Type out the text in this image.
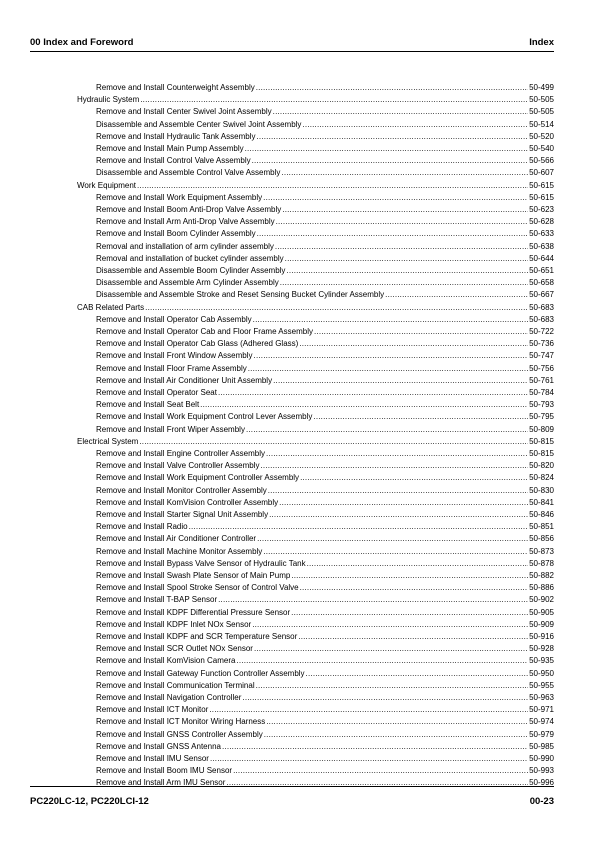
00 Index and Foreword	Index
Remove and Install Counterweight Assembly .....	50-499
Hydraulic System .....	50-505
Remove and Install Center Swivel Joint Assembly .....	50-505
Disassemble and Assemble Center Swivel Joint Assembly .....	50-514
Remove and Install Hydraulic Tank Assembly .....	50-520
Remove and Install Main Pump Assembly .....	50-540
Remove and Install Control Valve Assembly .....	50-566
Disassemble and Assemble Control Valve Assembly .....	50-607
Work Equipment .....	50-615
Remove and Install Work Equipment Assembly .....	50-615
Remove and Install Boom Anti-Drop Valve Assembly .....	50-623
Remove and Install Arm Anti-Drop Valve Assembly .....	50-628
Remove and Install Boom Cylinder Assembly .....	50-633
Removal and installation of arm cylinder assembly .....	50-638
Removal and installation of bucket cylinder assembly .....	50-644
Disassemble and Assemble Boom Cylinder Assembly .....	50-651
Disassemble and Assemble Arm Cylinder Assembly .....	50-658
Disassemble and Assemble Stroke and Reset Sensing Bucket Cylinder Assembly .....	50-667
CAB Related Parts .....	50-683
Remove and Install Operator Cab Assembly .....	50-683
Remove and Install Operator Cab and Floor Frame Assembly .....	50-722
Remove and Install Operator Cab Glass (Adhered Glass) .....	50-736
Remove and Install Front Window Assembly .....	50-747
Remove and Install Floor Frame Assembly .....	50-756
Remove and Install Air Conditioner Unit Assembly .....	50-761
Remove and Install Operator Seat .....	50-784
Remove and Install Seat Belt .....	50-793
Remove and Install Work Equipment Control Lever Assembly .....	50-795
Remove and Install Front Wiper Assembly .....	50-809
Electrical System .....	50-815
Remove and Install Engine Controller Assembly .....	50-815
Remove and Install Valve Controller Assembly .....	50-820
Remove and Install Work Equipment Controller Assembly .....	50-824
Remove and Install Monitor Controller Assembly .....	50-830
Remove and Install KomVision Controller Assembly .....	50-841
Remove and Install Starter Signal Unit Assembly .....	50-846
Remove and Install Radio .....	50-851
Remove and Install Air Conditioner Controller .....	50-856
Remove and Install Machine Monitor Assembly .....	50-873
Remove and Install Bypass Valve Sensor of Hydraulic Tank .....	50-878
Remove and Install Swash Plate Sensor of Main Pump .....	50-882
Remove and Install Spool Stroke Sensor of Control Valve .....	50-886
Remove and Install T-BAP Sensor .....	50-902
Remove and Install KDPF Differential Pressure Sensor .....	50-905
Remove and Install KDPF Inlet NOx Sensor .....	50-909
Remove and Install KDPF and SCR Temperature Sensor .....	50-916
Remove and Install SCR Outlet NOx Sensor .....	50-928
Remove and Install KomVision Camera .....	50-935
Remove and Install Gateway Function Controller Assembly .....	50-950
Remove and Install Communication Terminal .....	50-955
Remove and Install Navigation Controller .....	50-963
Remove and Install ICT Monitor .....	50-971
Remove and Install ICT Monitor Wiring Harness .....	50-974
Remove and Install GNSS Controller Assembly .....	50-979
Remove and Install GNSS Antenna .....	50-985
Remove and Install IMU Sensor .....	50-990
Remove and Install Boom IMU Sensor .....	50-993
Remove and Install Arm IMU Sensor .....	50-996
PC220LC-12, PC220LCI-12	00-23
